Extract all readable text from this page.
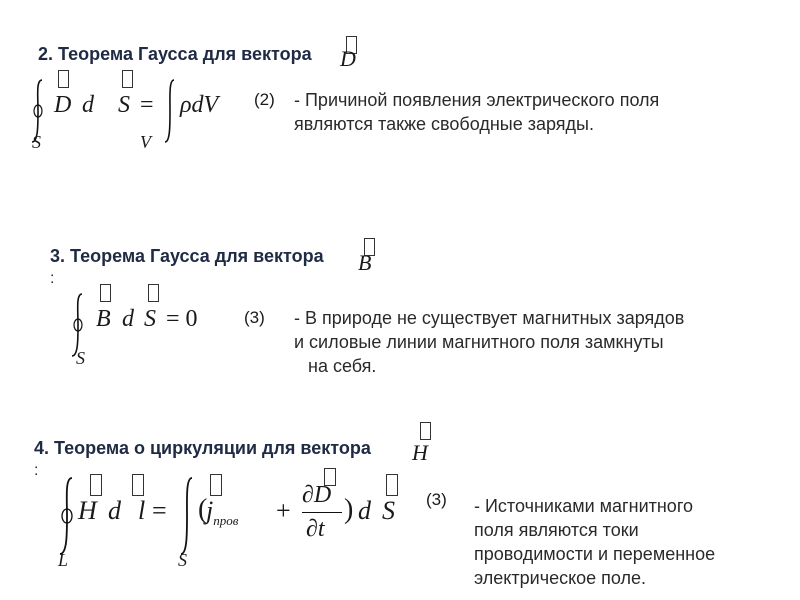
2. Теорема Гаусса для вектора D
D d S = ρdV
S	V
(2) - Причиной появления электрического поля
являются также свободные заряды.
3. Теорема Гаусса для вектора B
:
B d S = 0
S
(3) - В природе не существует магнитных зарядов
и силовые линии магнитного поля замкнуты
на себя.
4. Теорема о циркуляции для вектора H
:
H d l = (
$j_{пров}$ +
∂D
∂t
) d S
L	S
(3) - Источниками магнитного
поля являются токи
проводимости и переменное
электрическое поле.
